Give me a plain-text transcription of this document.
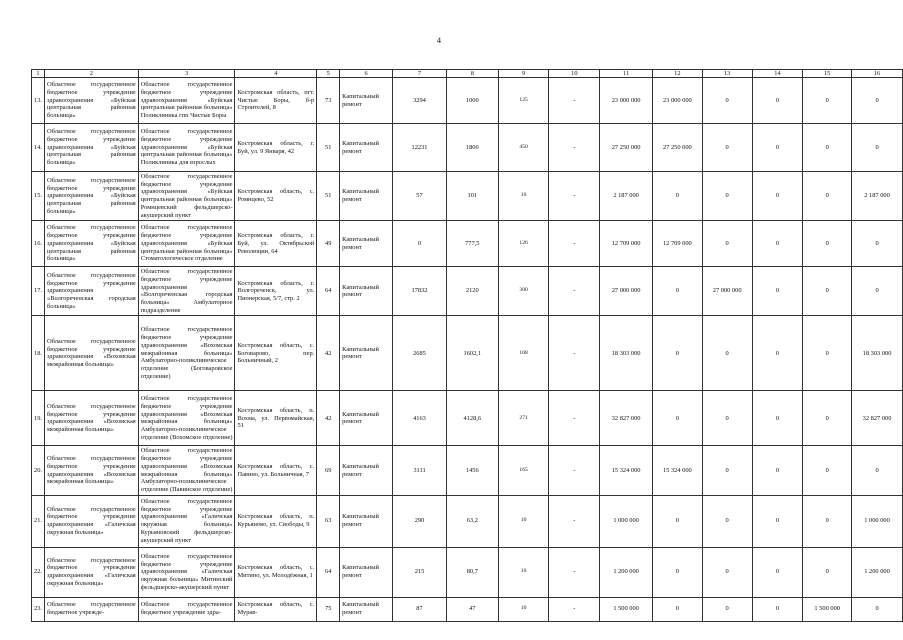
4
1	2	3	4	5	6	7	8	9	10	11	12	13	14	15	16
13.	Областное государственное бюджетное учреждение здравоохранения «Буйская центральная районная больница»	Областное государственное бюджетное учреждение здравоохранения «Буйская центральная районная больница» Поликлиника гпп Чистые Боры	Костромская область, пгт. Чистые Боры, б-р Строителей, 8	73	Капитальный ремонт	3294	1000	125	-	23 000 000	23 000 000	0	0	0	0
14.	Областное государственное бюджетное учреждение здравоохранения «Буйская центральная районная больница»	Областное государственное бюджетное учреждение здравоохранения «Буйская центральная районная больница» Поликлиника для взрослых	Костромская область, г. Буй, ул. 9 Января, 42	51	Капитальный ремонт	12231	1800	450	-	27 250 000	27 250 000	0	0	0	0
15.	Областное государственное бюджетное учреждение здравоохранения «Буйская центральная районная больница»	Областное государственное бюджетное учреждение здравоохранения «Буйская центральная районная больница» Ромнцевский фельдшерско-акушерский пункт	Костромская область, с. Ромнцево, 52	51	Капитальный ремонт	57	101	10	-	2 187 000	0	0	0	0	2 187 000
16.	Областное государственное бюджетное учреждение здравоохранения «Буйская центральная районная больница»	Областное государственное бюджетное учреждение здравоохранения «Буйская центральная районная больница» Стоматологическое отделение	Костромская область, г. Буй, ул. Октябрьской Революции, 64	49	Капитальный ремонт	0	777,5	126	-	12 709 000	12 709 000	0	0	0	0
17.	Областное государственное бюджетное учреждение здравоохранения «Волгореченская городская больница»	Областное государственное бюджетное учреждение здравоохранения «Волгореченская городская больница» Амбулаторное подразделение	Костромская область, г. Волгореченск, ул. Пионерская, 5/7, стр. 2	64	Капитальный ремонт	17832	2120	300	-	27 000 000	0	27 000 000	0	0	0
18.	Областное государственное бюджетное учреждение здравоохранения «Вохомская межрайонная больница»	Областное государственное бюджетное учреждение здравоохранения «Вохомская межрайонная больница» Амбулаторно-поликлиническое отделение (Боговаровское отделение)	Костромская область, с. Боговарово, пер. Больничный, 2	42	Капитальный ремонт	2685	1602,1	108	-	18 303 000	0	0	0	0	18 303 000
19.	Областное государственное бюджетное учреждение здравоохранения «Вохомская межрайонная больница»	Областное государственное бюджетное учреждение здравоохранения «Вохомская межрайонная больница» Амбулаторно-поликлиническое отделение (Вохомское отделение)	Костромская область, п. Вохма, ул. Первомайская, 51	42	Капитальный ремонт	4163	4128,6	271	-	32 827 000	0	0	0	0	32 827 000
20.	Областное государственное бюджетное учреждение здравоохранения «Вохомская межрайонная больница»	Областное государственное бюджетное учреждение здравоохранения «Вохомская межрайонная больница» Амбулаторно-поликлиническое отделение (Павинское отделение)	Костромская область, с. Павино, ул. Больничная, 7	69	Капитальный ремонт	3111	1456	165	-	15 324 000	15 324 000	0	0	0	0
21.	Областное государственное бюджетное учреждение здравоохранения «Галичская окружная больница»	Областное государственное бюджетное учреждение здравоохранения «Галичская окружная больница» Курьяновский фельдшерско-акушерский пункт	Костромская область, п. Курьяново, ул. Свободы, 9	63	Капитальный ремонт	290	63,2	10	-	1 000 000	0	0	0	0	1 000 000
22.	Областное государственное бюджетное учреждение здравоохранения «Галичская окружная больница»	Областное государственное бюджетное учреждение здравоохранения «Галичская окружная больница» Митинский фельдшерско-акушерский пункт	Костромская область, с. Митино, ул. Молодёжная, 1	64	Капитальный ремонт	215	80,7	10	-	1 200 000	0	0	0	0	1 200 000
23.	Областное государственное бюджетное учрежде-	Областное государственное бюджетное учреждение здра-	Костромская область, с. Мурав-	75	Капитальный ремонт	87	47	10	-	1 500 000	0	0	0	1 500 000	0
